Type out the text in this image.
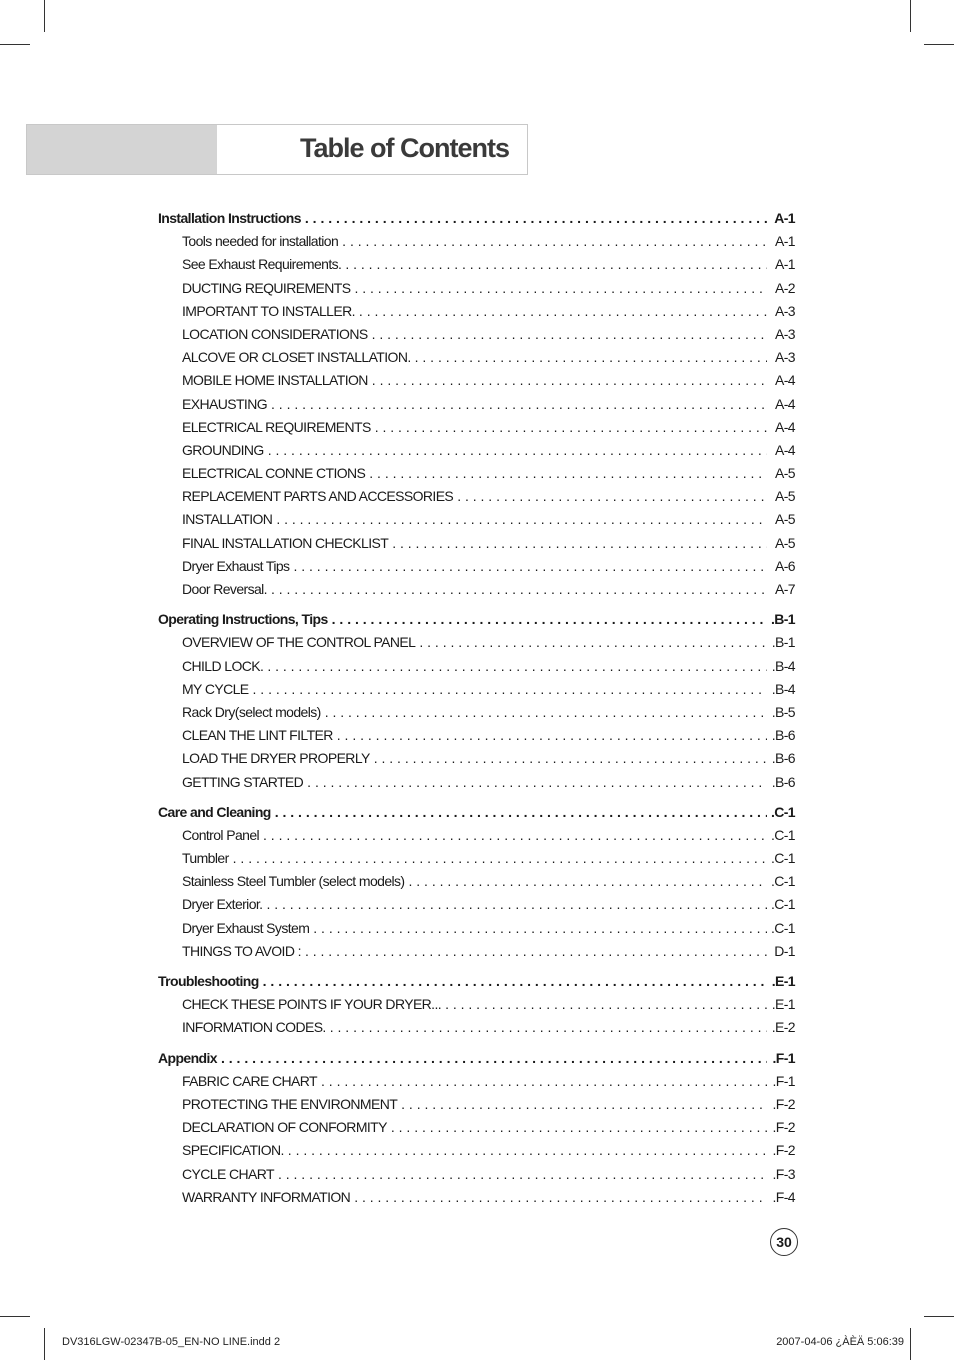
Table of Contents
Installation Instructions . . .	A-1
Tools needed for installation . . .	A-1
See Exhaust Requirements. . . .	A-1
DUCTING REQUIREMENTS . . .	A-2
IMPORTANT TO INSTALLER. . . .	A-3
LOCATION CONSIDERATIONS . . .	A-3
ALCOVE OR CLOSET INSTALLATION. . . .	A-3
MOBILE HOME INSTALLATION . . .	A-4
EXHAUSTING . . .	A-4
ELECTRICAL REQUIREMENTS . . .	A-4
GROUNDING . . .	A-4
ELECTRICAL CONNE CTIONS . . .	A-5
REPLACEMENT PARTS AND ACCESSORIES . . .	A-5
INSTALLATION . . .	A-5
FINAL INSTALLATION CHECKLIST . . .	A-5
Dryer Exhaust Tips . . .	A-6
Door Reversal. . . .	A-7
Operating Instructions, Tips . . .	.B-1
OVERVIEW OF THE CONTROL PANEL . . .	.B-1
CHILD LOCK. . . .	.B-4
MY CYCLE . . .	.B-4
Rack Dry(select models) . . .	.B-5
CLEAN THE LINT FILTER . . .	.B-6
LOAD THE DRYER PROPERLY . . .	.B-6
GETTING STARTED . . .	.B-6
Care and Cleaning . . .	.C-1
Control Panel . . .	.C-1
Tumbler . . .	.C-1
Stainless Steel Tumbler (select models) . . .	.C-1
Dryer Exterior. . . .	.C-1
Dryer Exhaust System . . .	.C-1
THINGS TO AVOID : . . .	D-1
Troubleshooting . . .	.E-1
CHECK THESE POINTS IF YOUR DRYER... . . .	.E-1
INFORMATION CODES. . . .	.E-2
Appendix . . .	.F-1
FABRIC CARE CHART . . .	.F-1
PROTECTING THE ENVIRONMENT . . .	.F-2
DECLARATION OF CONFORMITY . . .	.F-2
SPECIFICATION. . . .	.F-2
CYCLE CHART . . .	.F-3
WARRANTY INFORMATION . . .	.F-4
30
DV316LGW-02347B-05_EN-NO LINE.indd 2	2007-04-06 ¿ÀÈÄ 5:06:39
